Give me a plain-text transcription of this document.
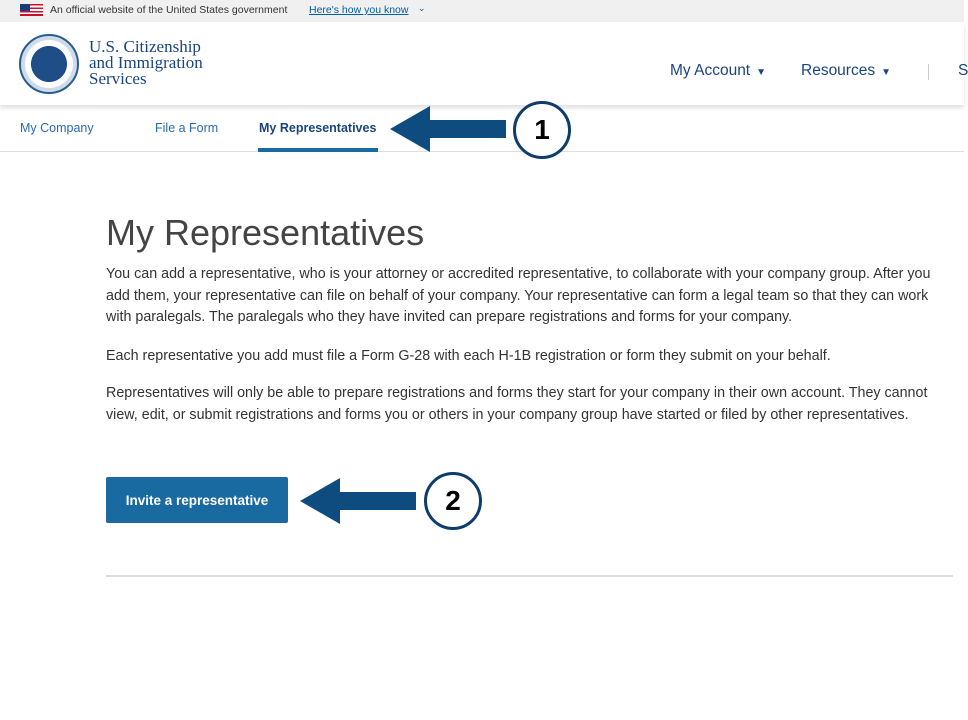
An official website of the United States government Here's how you know ⌄
U.S. Citizenship
and Immigration
Services	My Account ▼ Resources ▼	S
My Company	File a Form	My Representatives	1
My Representatives

You can add a representative, who is your attorney or accredited representative, to collaborate with your company group. After you add them, your representative can file on behalf of your company. Your representative can form a legal team so that they can work with paralegals. The paralegals who they have invited can prepare registrations and forms for your company.

Each representative you add must file a Form G-28 with each H-1B registration or form they submit on your behalf.

Representatives will only be able to prepare registrations and forms they start for your company in their own account. They cannot view, edit, or submit registrations and forms you or others in your company group have started or filed by other representatives.

Invite a representative	2
